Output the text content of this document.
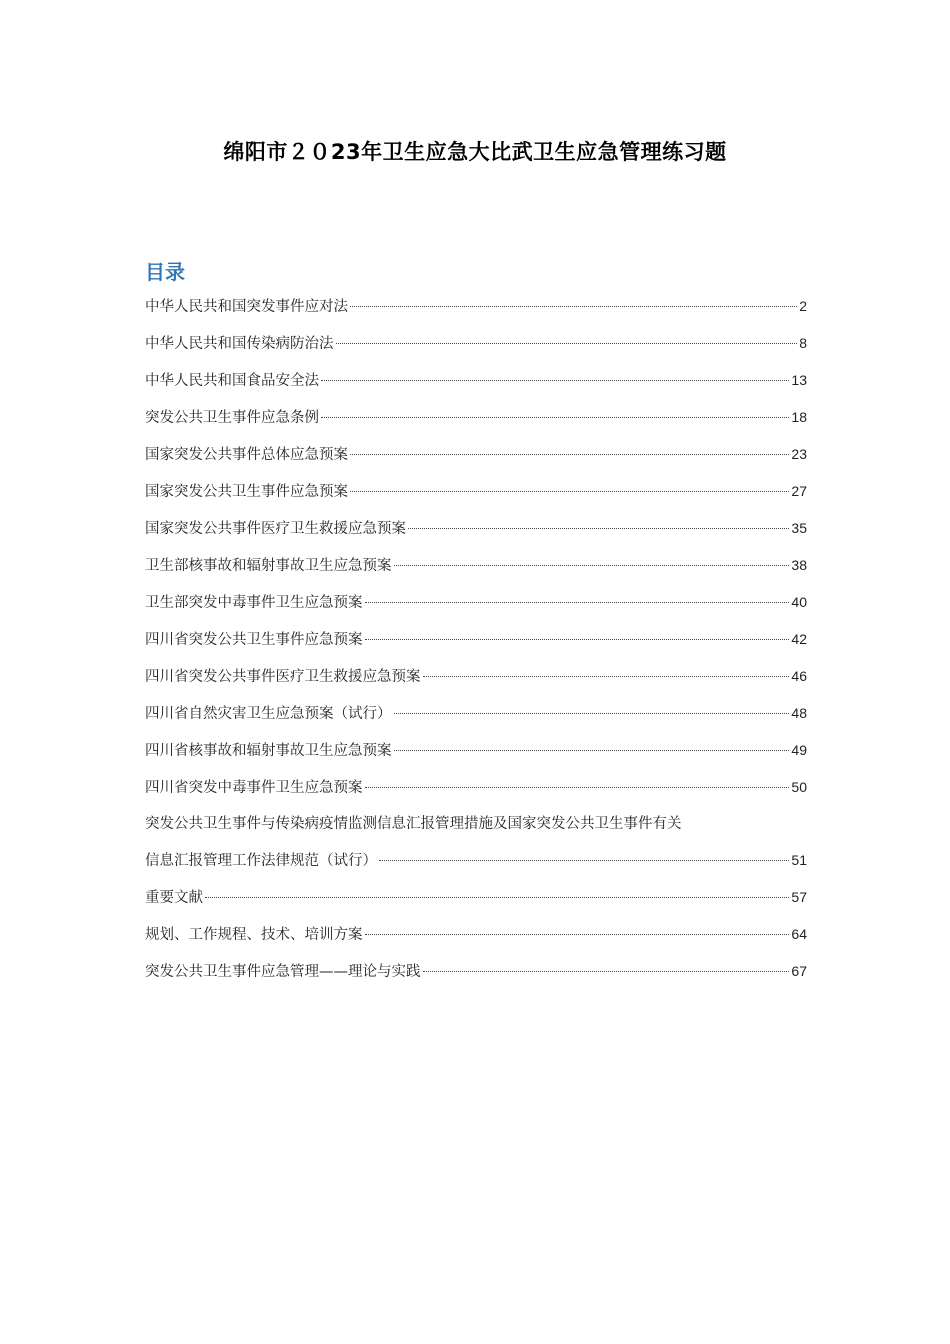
绵阳市２０23年卫生应急大比武卫生应急管理练习题
目录
中华人民共和国突发事件应对法	2
中华人民共和国传染病防治法	8
中华人民共和国食品安全法	13
突发公共卫生事件应急条例	18
国家突发公共事件总体应急预案	23
国家突发公共卫生事件应急预案	27
国家突发公共事件医疗卫生救援应急预案	35
卫生部核事故和辐射事故卫生应急预案	38
卫生部突发中毒事件卫生应急预案	40
四川省突发公共卫生事件应急预案	42
四川省突发公共事件医疗卫生救援应急预案	46
四川省自然灾害卫生应急预案（试行）	48
四川省核事故和辐射事故卫生应急预案	49
四川省突发中毒事件卫生应急预案	50
突发公共卫生事件与传染病疫情监测信息汇报管理措施及国家突发公共卫生事件有关
信息汇报管理工作法律规范（试行）	51
重要文献	57
规划、工作规程、技术、培训方案	64
突发公共卫生事件应急管理——理论与实践	67
